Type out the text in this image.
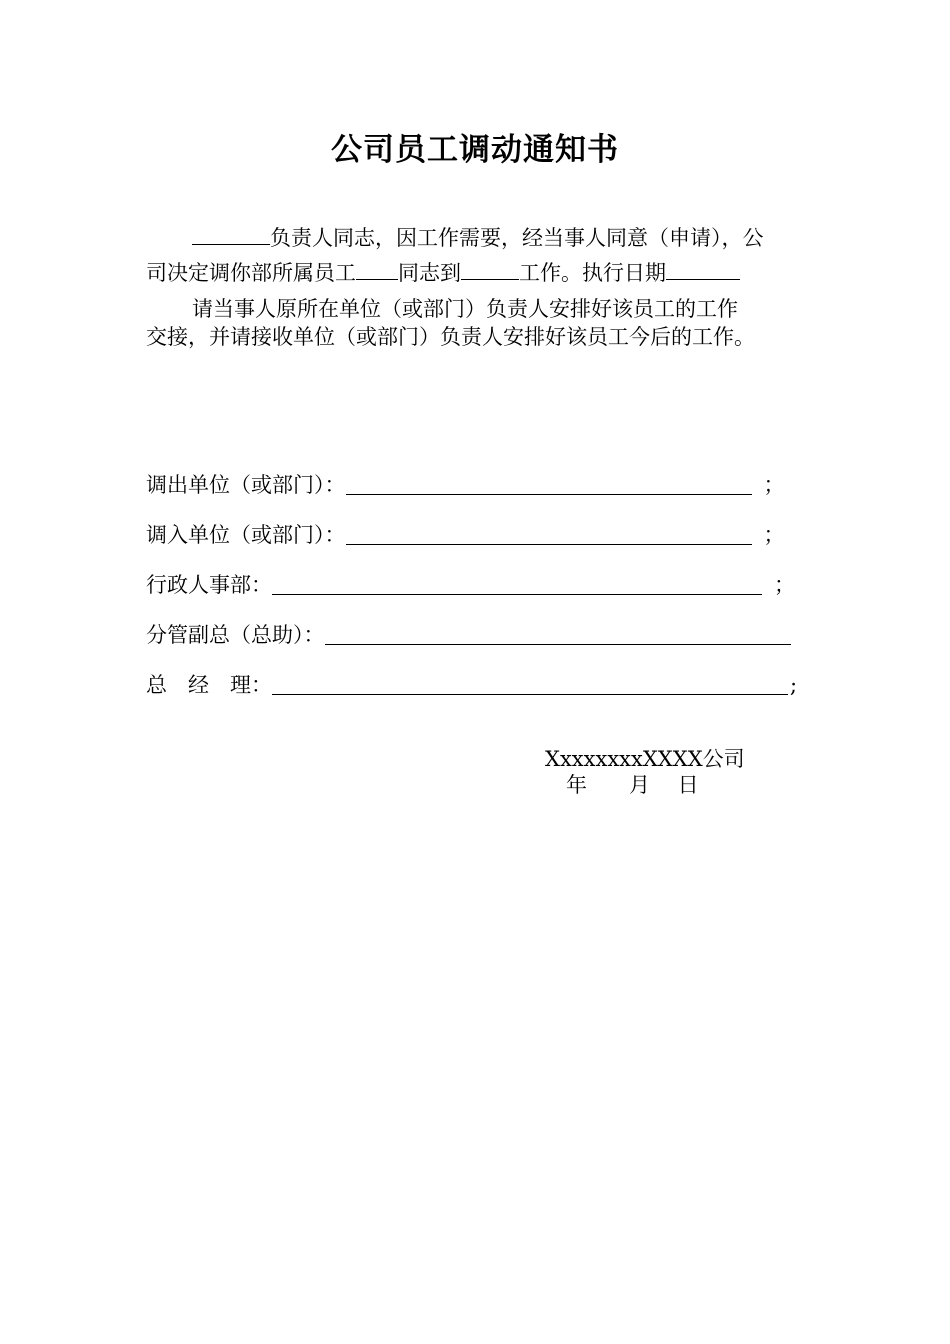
公司员工调动通知书
负责人同志，因工作需要，经当事人同意（申请），公
司决定调你部所属员工 同志到	工作。执行日期
请当事人原所在单位（或部门）负责人安排好该员工的工作
交接，并请接收单位（或部门）负责人安排好该员工今后的工作。
调出单位（或部门）：	；
调入单位（或部门）：	；
行政人事部：	；
分管副总（总助）：
总　经　理：	;
XxxxxxxxXXXX公司
年　　月　 日
